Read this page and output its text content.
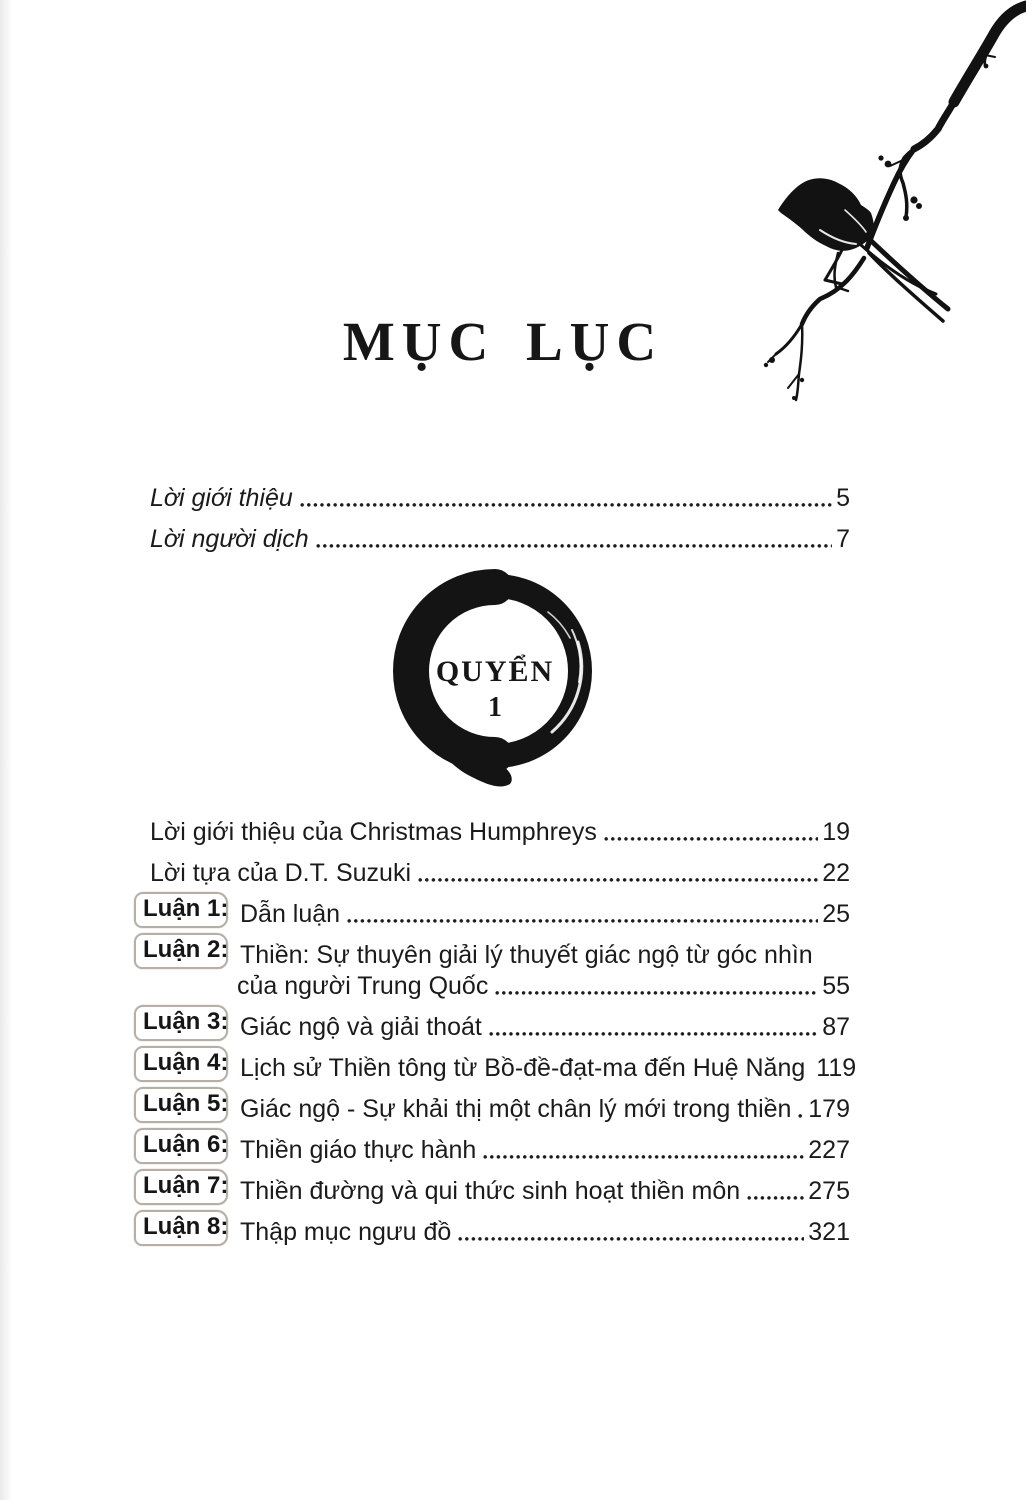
MỤC LỤC
Lời giới thiệu	5
Lời người dịch	7
QUYỂN
1
Lời giới thiệu của Christmas Humphreys	19
Lời tựa của D.T. Suzuki	22
Luận 1: Dẫn luận	25
Luận 2: Thiền: Sự thuyên giải lý thuyết giác ngộ từ góc nhìn
của người Trung Quốc	55
Luận 3: Giác ngộ và giải thoát	87
Luận 4: Lịch sử Thiền tông từ Bồ-đề-đạt-ma đến Huệ Năng 119
Luận 5: Giác ngộ - Sự khải thị một chân lý mới trong thiền 179
Luận 6: Thiền giáo thực hành	227
Luận 7: Thiền đường và qui thức sinh hoạt thiền môn	275
Luận 8: Thập mục ngưu đồ	321
